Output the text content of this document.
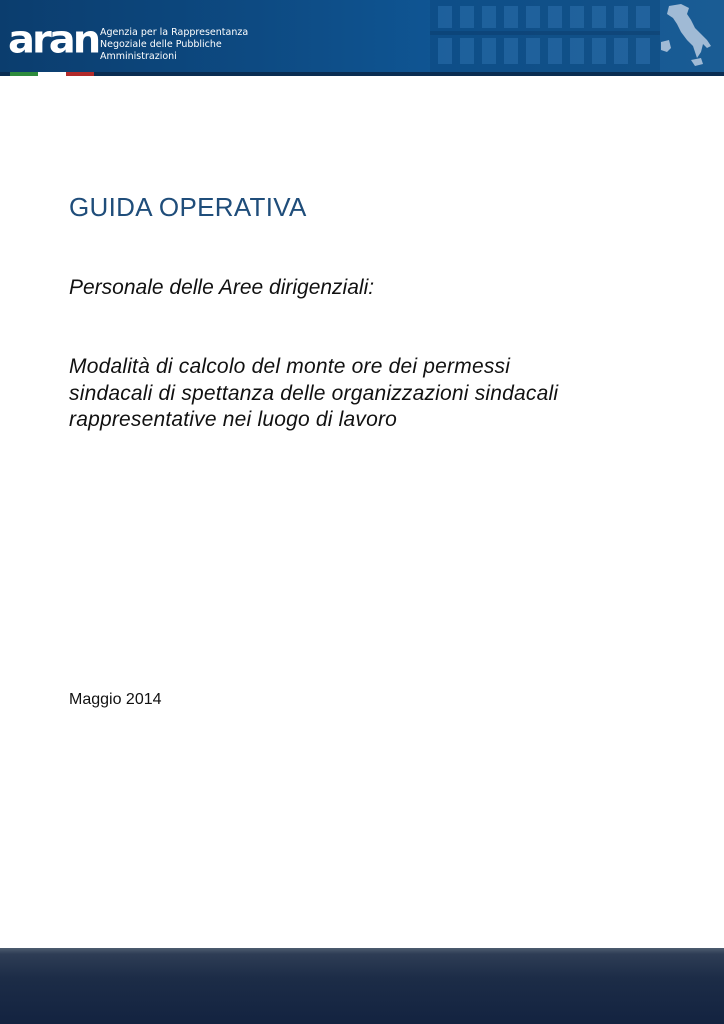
aran Agenzia per la Rappresentanza
Negoziale delle Pubbliche
Amministrazioni
GUIDA OPERATIVA
Personale delle Aree dirigenziali:
Modalità di calcolo del monte ore dei permessi
sindacali di spettanza delle organizzazioni sindacali
rappresentative nei luogo di lavoro
Maggio 2014
